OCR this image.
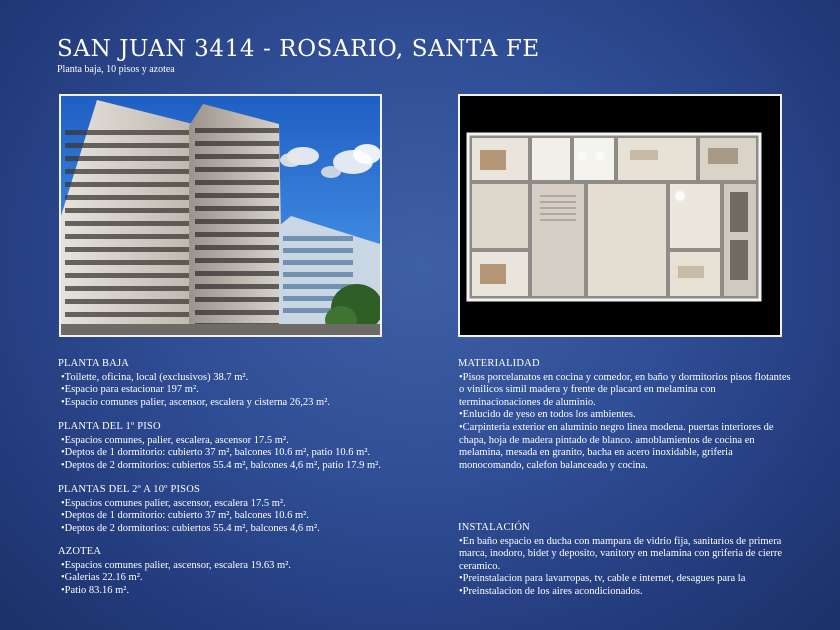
SAN JUAN 3414 - ROSARIO, SANTA FE
Planta baja, 10 pisos y azotea
PLANTA BAJA
•Toilette, oficina, local (exclusivos) 38.7 m².
•Espacio para estacionar 197 m².
•Espacio comunes palier, ascensor, escalera y cisterna 26,23 m².
PLANTA DEL 1º PISO
•Espacios comunes, palier, escalera, ascensor 17.5 m².
•Deptos de 1 dormitorio: cubierto 37 m², balcones 10.6 m², patio 10.6 m².
•Deptos de 2 dormitorios: cubiertos 55.4 m², balcones 4,6 m², patio 17.9 m².
PLANTAS DEL 2º A 10º PISOS
•Espacios comunes palier, ascensor, escalera 17.5 m².
•Deptos de 1 dormitorio: cubierto 37 m², balcones 10.6 m².
•Deptos de 2 dormitorios: cubiertos 55.4 m², balcones 4,6 m².
AZOTEA
•Espacios comunes palier, ascensor, escalera 19.63 m².
•Galerias 22.16 m².
•Patio 83.16 m².
MATERIALIDAD
•Pisos porcelanatos en cocina y comedor, en baño y dormitorios pisos flotantes o vinilicos simil madera y frente de placard en melamina con terminacionaciones de aluminio.
•Enlucido de yeso en todos los ambientes.
•Carpinteria exterior en aluminio negro linea modena. puertas interiores de chapa, hoja de madera pintado de blanco. amoblamientos de cocina en melamina, mesada en granito, bacha en acero inoxidable, griferia monocomando, calefon balanceado y cocina.
INSTALACIÓN
•En baño espacio en ducha con mampara de vidrio fija, sanitarios de primera marca, inodoro, bidet y deposito, vanitory en melamina con griferia de cierre ceramico.
•Preinstalacion para lavarropas, tv, cable e internet, desagues para la
•Preinstalacion de los aires acondicionados.
